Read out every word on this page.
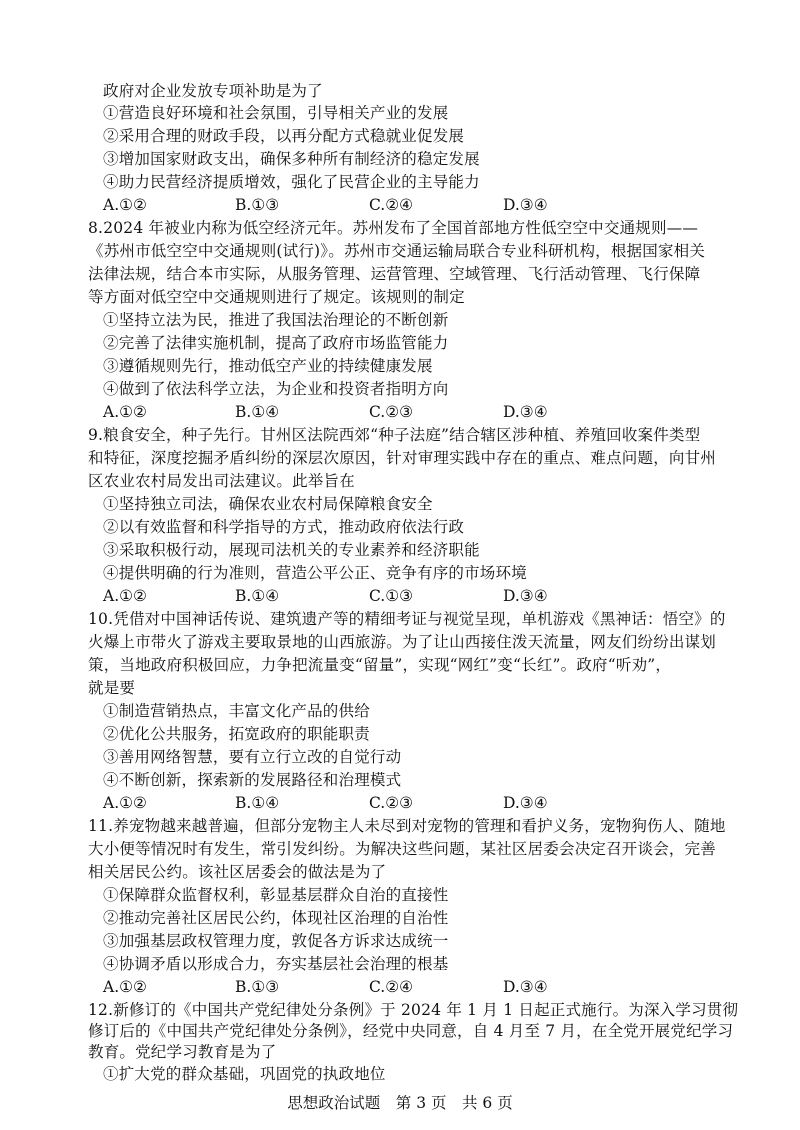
政府对企业发放专项补助是为了
①营造良好环境和社会氛围，引导相关产业的发展
②采用合理的财政手段，以再分配方式稳就业促发展
③增加国家财政支出，确保多种所有制经济的稳定发展
④助力民营经济提质增效，强化了民营企业的主导能力
A.①②	B.①③	C.②④	D.③④
8.2024 年被业内称为低空经济元年。苏州发布了全国首部地方性低空空中交通规则——
《苏州市低空空中交通规则(试行)》。苏州市交通运输局联合专业科研机构，根据国家相关
法律法规，结合本市实际，从服务管理、运营管理、空域管理、飞行活动管理、飞行保障
等方面对低空空中交通规则进行了规定。该规则的制定
①坚持立法为民，推进了我国法治理论的不断创新
②完善了法律实施机制，提高了政府市场监管能力
③遵循规则先行，推动低空产业的持续健康发展
④做到了依法科学立法，为企业和投资者指明方向
A.①②	B.①④	C.②③	D.③④
9.粮食安全，种子先行。甘州区法院西郊“种子法庭”结合辖区涉种植、养殖回收案件类型
和特征，深度挖掘矛盾纠纷的深层次原因，针对审理实践中存在的重点、难点问题，向甘州
区农业农村局发出司法建议。此举旨在
①坚持独立司法，确保农业农村局保障粮食安全
②以有效监督和科学指导的方式，推动政府依法行政
③采取积极行动，展现司法机关的专业素养和经济职能
④提供明确的行为准则，营造公平公正、竞争有序的市场环境
A.①②	B.①④	C.①③	D.③④
10.凭借对中国神话传说、建筑遗产等的精细考证与视觉呈现，单机游戏《黑神话：悟空》的
火爆上市带火了游戏主要取景地的山西旅游。为了让山西接住泼天流量，网友们纷纷出谋划
策，当地政府积极回应，力争把流量变“留量”，实现“网红”变“长红”。政府“听劝”，
就是要
①制造营销热点，丰富文化产品的供给
②优化公共服务，拓宽政府的职能职责
③善用网络智慧，要有立行立改的自觉行动
④不断创新，探索新的发展路径和治理模式
A.①②	B.①④	C.②③	D.③④
11.养宠物越来越普遍，但部分宠物主人未尽到对宠物的管理和看护义务，宠物狗伤人、随地
大小便等情况时有发生，常引发纠纷。为解决这些问题，某社区居委会决定召开谈会，完善
相关居民公约。该社区居委会的做法是为了
①保障群众监督权利，彰显基层群众自治的直接性
②推动完善社区居民公约，体现社区治理的自治性
③加强基层政权管理力度，敦促各方诉求达成统一
④协调矛盾以形成合力，夯实基层社会治理的根基
A.①②	B.①③	C.②④	D.③④
12.新修订的《中国共产党纪律处分条例》于 2024 年 1 月 1 日起正式施行。为深入学习贯彻
修订后的《中国共产党纪律处分条例》，经党中央同意，自 4 月至 7 月，在全党开展党纪学习
教育。党纪学习教育是为了
①扩大党的群众基础，巩固党的执政地位
思想政治试题　第 3 页　共 6 页
